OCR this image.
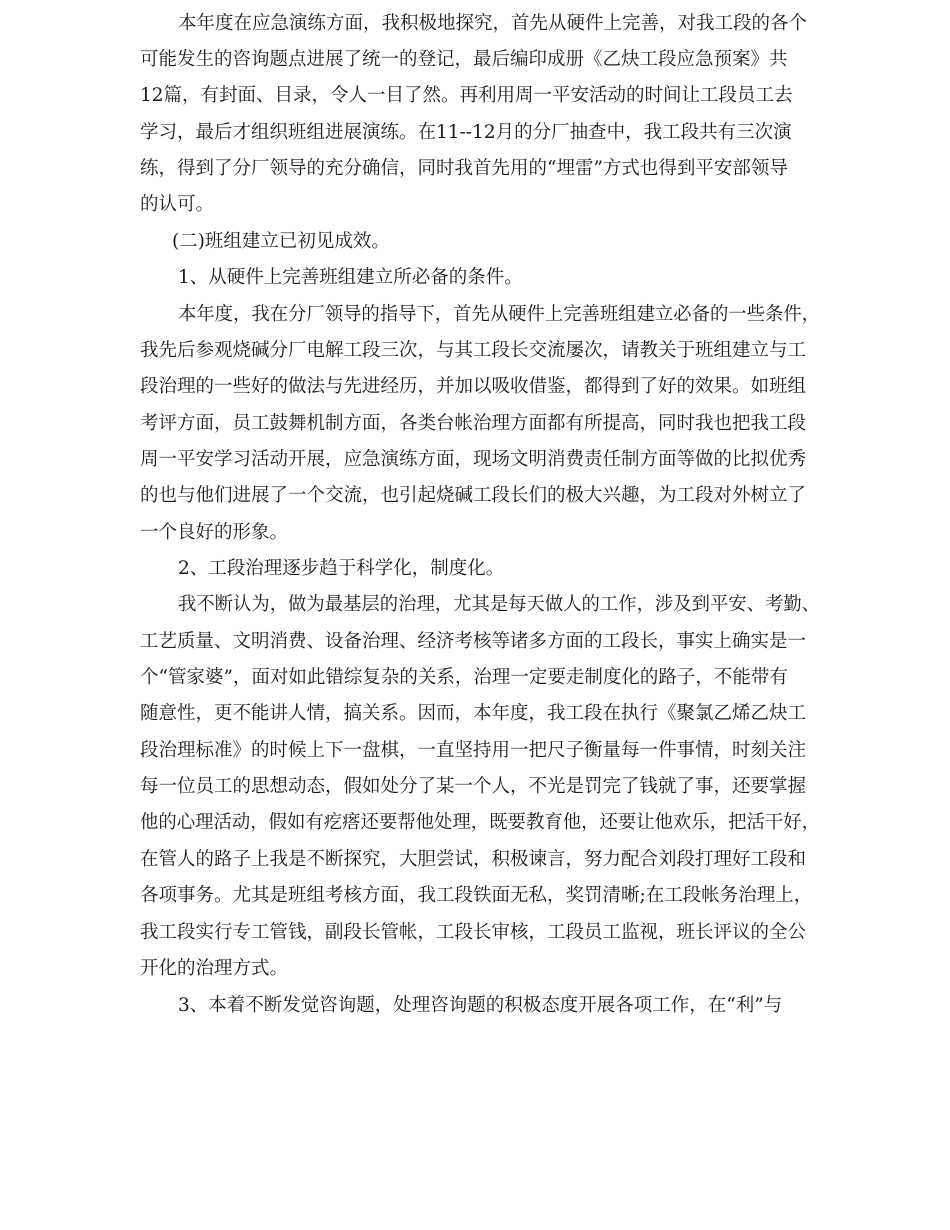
本年度在应急演练方面，我积极地探究，首先从硬件上完善，对我工段的各个
可能发生的咨询题点进展了统一的登记，最后编印成册《乙炔工段应急预案》共
12篇，有封面、目录，令人一目了然。再利用周一平安活动的时间让工段员工去
学习，最后才组织班组进展演练。在11--12月的分厂抽查中，我工段共有三次演
练，得到了分厂领导的充分确信，同时我首先用的“埋雷”方式也得到平安部领导
的认可。
(二)班组建立已初见成效。
1、从硬件上完善班组建立所必备的条件。
本年度，我在分厂领导的指导下，首先从硬件上完善班组建立必备的一些条件，
我先后参观烧碱分厂电解工段三次，与其工段长交流屡次，请教关于班组建立与工
段治理的一些好的做法与先进经历，并加以吸收借鉴，都得到了好的效果。如班组
考评方面，员工鼓舞机制方面，各类台帐治理方面都有所提高，同时我也把我工段
周一平安学习活动开展，应急演练方面，现场文明消费责任制方面等做的比拟优秀
的也与他们进展了一个交流，也引起烧碱工段长们的极大兴趣，为工段对外树立了
一个良好的形象。
2、工段治理逐步趋于科学化，制度化。
我不断认为，做为最基层的治理，尤其是每天做人的工作，涉及到平安、考勤、
工艺质量、文明消费、设备治理、经济考核等诸多方面的工段长，事实上确实是一
个“管家婆”，面对如此错综复杂的关系，治理一定要走制度化的路子，不能带有
随意性，更不能讲人情，搞关系。因而，本年度，我工段在执行《聚氯乙烯乙炔工
段治理标准》的时候上下一盘棋，一直坚持用一把尺子衡量每一件事情，时刻关注
每一位员工的思想动态，假如处分了某一个人，不光是罚完了钱就了事，还要掌握
他的心理活动，假如有疙瘩还要帮他处理，既要教育他，还要让他欢乐，把活干好，
在管人的路子上我是不断探究，大胆尝试，积极谏言，努力配合刘段打理好工段和
各项事务。尤其是班组考核方面，我工段铁面无私，奖罚清晰;在工段帐务治理上，
我工段实行专工管钱，副段长管帐，工段长审核，工段员工监视，班长评议的全公
开化的治理方式。
3、本着不断发觉咨询题，处理咨询题的积极态度开展各项工作，在“利”与
